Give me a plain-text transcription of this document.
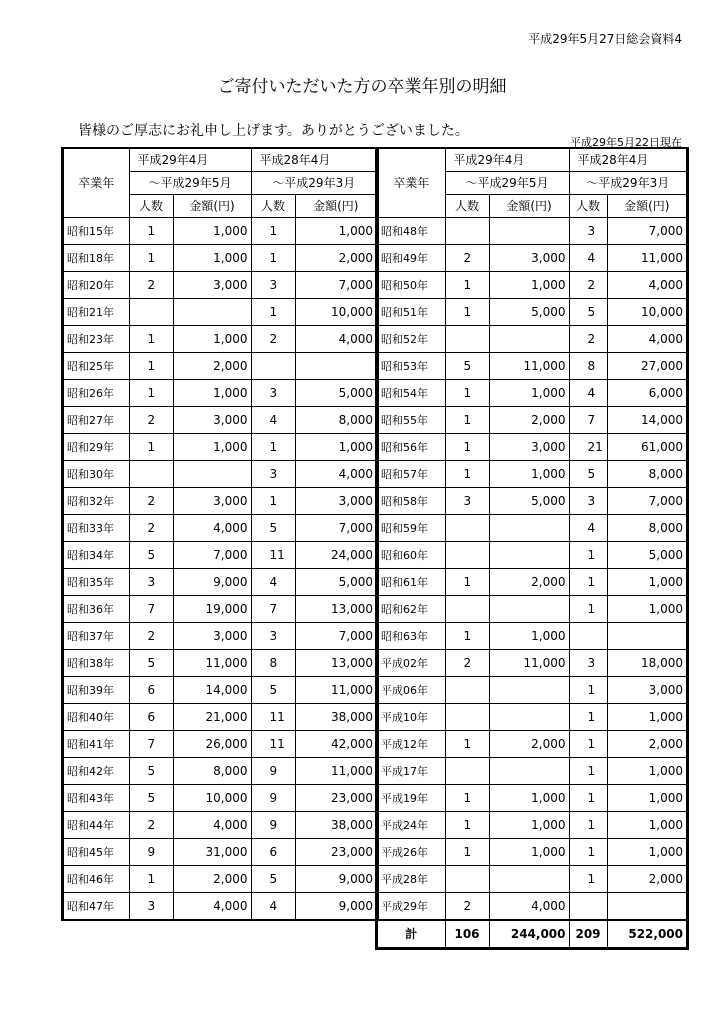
平成29年5月27日総会資料4
ご寄付いただいた方の卒業年別の明細
皆様のご厚志にお礼申し上げます。ありがとうございました。
平成29年5月22日現在
	平成29年4月		平成28年4月	
卒業年	～平成29年5月		～平成29年3月	
	人数	金額(円)	人数	金額(円)
昭和15年	1	1,000	1	1,000
昭和18年	1	1,000	1	2,000
昭和20年	2	3,000	3	7,000
昭和21年			1	10,000
昭和23年	1	1,000	2	4,000
昭和25年	1	2,000		
昭和26年	1	1,000	3	5,000
昭和27年	2	3,000	4	8,000
昭和29年	1	1,000	1	1,000
昭和30年			3	4,000
昭和32年	2	3,000	1	3,000
昭和33年	2	4,000	5	7,000
昭和34年	5	7,000	11	24,000
昭和35年	3	9,000	4	5,000
昭和36年	7	19,000	7	13,000
昭和37年	2	3,000	3	7,000
昭和38年	5	11,000	8	13,000
昭和39年	6	14,000	5	11,000
昭和40年	6	21,000	11	38,000
昭和41年	7	26,000	11	42,000
昭和42年	5	8,000	9	11,000
昭和43年	5	10,000	9	23,000
昭和44年	2	4,000	9	38,000
昭和45年	9	31,000	6	23,000
昭和46年	1	2,000	5	9,000
昭和47年	3	4,000	4	9,000
	平成29年4月		平成28年4月	
卒業年	～平成29年5月		～平成29年3月	
	人数	金額(円)	人数	金額(円)
昭和48年			3	7,000
昭和49年	2	3,000	4	11,000
昭和50年	1	1,000	2	4,000
昭和51年	1	5,000	5	10,000
昭和52年			2	4,000
昭和53年	5	11,000	8	27,000
昭和54年	1	1,000	4	6,000
昭和55年	1	2,000	7	14,000
昭和56年	1	3,000	21	61,000
昭和57年	1	1,000	5	8,000
昭和58年	3	5,000	3	7,000
昭和59年			4	8,000
昭和60年			1	5,000
昭和61年	1	2,000	1	1,000
昭和62年			1	1,000
昭和63年	1	1,000		
平成02年	2	11,000	3	18,000
平成06年			1	3,000
平成10年			1	1,000
平成12年	1	2,000	1	2,000
平成17年			1	1,000
平成19年	1	1,000	1	1,000
平成24年	1	1,000	1	1,000
平成26年	1	1,000	1	1,000
平成28年			1	2,000
平成29年	2	4,000		
計	106	244,000	209	522,000
